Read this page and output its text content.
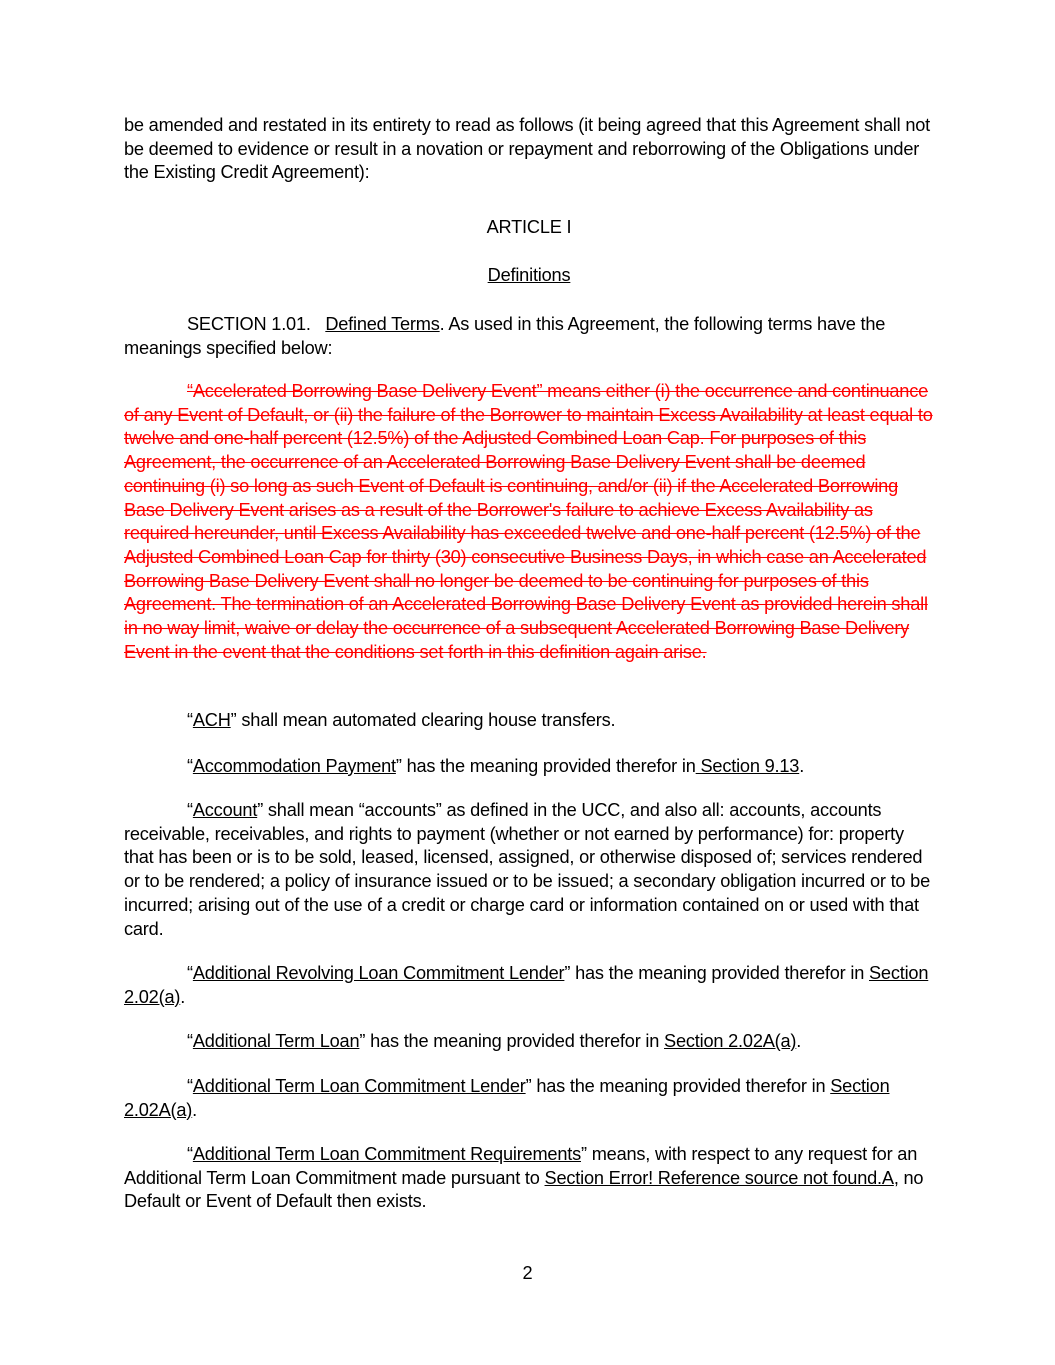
be amended and restated in its entirety to read as follows (it being agreed that this Agreement shall not be deemed to evidence or result in a novation or repayment and reborrowing of the Obligations under the Existing Credit Agreement):

ARTICLE I
Definitions

SECTION 1.01. Defined Terms. As used in this Agreement, the following terms have the meanings specified below:

“Accelerated Borrowing Base Delivery Event” means either (i) the occurrence and continuance of any Event of Default, or (ii) the failure of the Borrower to maintain Excess Availability at least equal to twelve and one-half percent (12.5%) of the Adjusted Combined Loan Cap. For purposes of this Agreement, the occurrence of an Accelerated Borrowing Base Delivery Event shall be deemed continuing (i) so long as such Event of Default is continuing, and/or (ii) if the Accelerated Borrowing Base Delivery Event arises as a result of the Borrower's failure to achieve Excess Availability as required hereunder, until Excess Availability has exceeded twelve and one-half percent (12.5%) of the Adjusted Combined Loan Cap for thirty (30) consecutive Business Days, in which case an Accelerated Borrowing Base Delivery Event shall no longer be deemed to be continuing for purposes of this Agreement. The termination of an Accelerated Borrowing Base Delivery Event as provided herein shall in no way limit, waive or delay the occurrence of a subsequent Accelerated Borrowing Base Delivery Event in the event that the conditions set forth in this definition again arise.

“ACH” shall mean automated clearing house transfers.

“Accommodation Payment” has the meaning provided therefor in Section 9.13.

“Account” shall mean “accounts” as defined in the UCC, and also all: accounts, accounts receivable, receivables, and rights to payment (whether or not earned by performance) for: property that has been or is to be sold, leased, licensed, assigned, or otherwise disposed of; services rendered or to be rendered; a policy of insurance issued or to be issued; a secondary obligation incurred or to be incurred; arising out of the use of a credit or charge card or information contained on or used with that card.

“Additional Revolving Loan Commitment Lender” has the meaning provided therefor in Section 2.02(a).

“Additional Term Loan” has the meaning provided therefor in Section 2.02A(a).

“Additional Term Loan Commitment Lender” has the meaning provided therefor in Section 2.02A(a).

“Additional Term Loan Commitment Requirements” means, with respect to any request for an Additional Term Loan Commitment made pursuant to Section Error! Reference source not found.A, no Default or Event of Default then exists.

2
